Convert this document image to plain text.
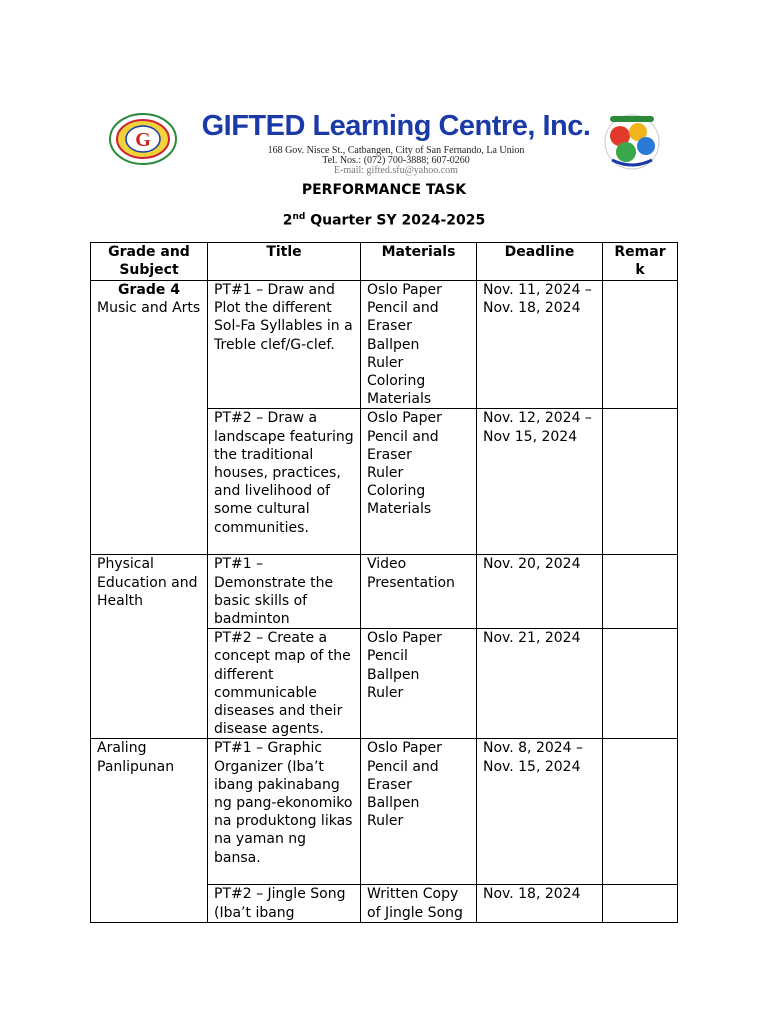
G	GIFTED Learning Centre, Inc.
168 Gov. Nisce St., Catbangen, City of San Fernando, La Union
Tel. Nos.: (072) 700-3888; 607-0260
E-mail: gifted.sfu@yahoo.com
PERFORMANCE TASK
2nd Quarter SY 2024-2025
Grade and Subject	Title	Materials	Deadline	Remar k

Grade 4
Music and Arts	PT#1 – Draw and Plot the different Sol-Fa Syllables in a Treble clef/G-clef.	Oslo Paper
Pencil and Eraser
Ballpen
Ruler
Coloring Materials	Nov. 11, 2024 – Nov. 18, 2024	
	PT#2 – Draw a landscape featuring the traditional houses, practices, and livelihood of some cultural communities.	Oslo Paper
Pencil and Eraser
Ruler
Coloring Materials	Nov. 12, 2024 – Nov 15, 2024	
Physical Education and Health	PT#1 – Demonstrate the basic skills of badminton	Video Presentation	Nov. 20, 2024	
	PT#2 – Create a concept map of the different communicable diseases and their disease agents.	Oslo Paper
Pencil
Ballpen
Ruler	Nov. 21, 2024	
Araling Panlipunan	PT#1 – Graphic Organizer (Iba’t ibang pakinabang ng pang-ekonomiko na produktong likas na yaman ng bansa.	Oslo Paper
Pencil and Eraser
Ballpen
Ruler	Nov. 8, 2024 – Nov. 15, 2024	
	PT#2 – Jingle Song (Iba’t ibang	Written Copy of Jingle Song	Nov. 18, 2024	
